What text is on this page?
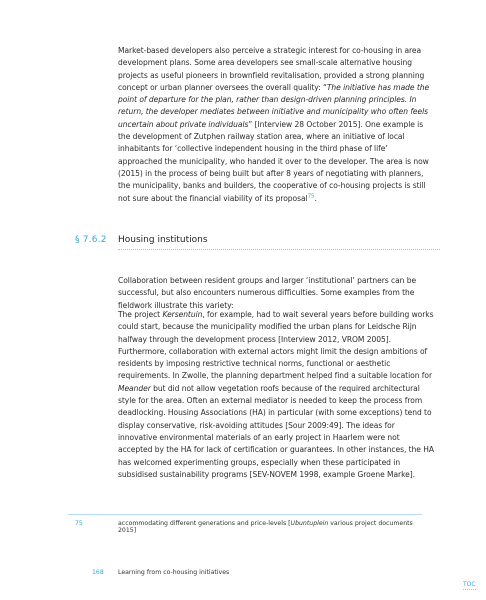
Market-based developers also perceive a strategic interest for co-housing in area development plans. Some area developers see small-scale alternative housing projects as useful pioneers in brownfield revitalisation, provided a strong planning concept or urban planner oversees the overall quality: “The initiative has made the point of departure for the plan, rather than design-driven planning principles. In return, the developer mediates between initiative and municipality who often feels uncertain about private individuals” [Interview 28 October 2015]. One example is the development of Zutphen railway station area, where an initiative of local inhabitants for ‘collective independent housing in the third phase of life’ approached the municipality, who handed it over to the developer. The area is now (2015) in the process of being built but after 8 years of negotiating with planners, the municipality, banks and builders, the cooperative of co-housing projects is still not sure about the financial viability of its proposal$^{75}$.

§ 7.6.2 Housing institutions

Collaboration between resident groups and larger ‘institutional’ partners can be successful, but also encounters numerous difficulties. Some examples from the fieldwork illustrate this variety:

The project Kersentuin, for example, had to wait several years before building works could start, because the municipality modified the urban plans for Leidsche Rijn halfway through the development process [Interview 2012, VROM 2005]. Furthermore, collaboration with external actors might limit the design ambitions of residents by imposing restrictive technical norms, functional or aesthetic requirements. In Zwolle, the planning department helped find a suitable location for Meander but did not allow vegetation roofs because of the required architectural style for the area. Often an external mediator is needed to keep the process from deadlocking. Housing Associations (HA) in particular (with some exceptions) tend to display conservative, risk-avoiding attitudes [Sour 2009:49]. The ideas for innovative environmental materials of an early project in Haarlem were not accepted by the HA for lack of certification or guarantees. In other instances, the HA has welcomed experimenting groups, especially when these participated in subsidised sustainability programs [SEV-NOVEM 1998, example Groene Marke].

75	accommodating different generations and price-levels [Ubuntuplein various project documents 2015]
168 Learning from co-housing initiatives
TOC
